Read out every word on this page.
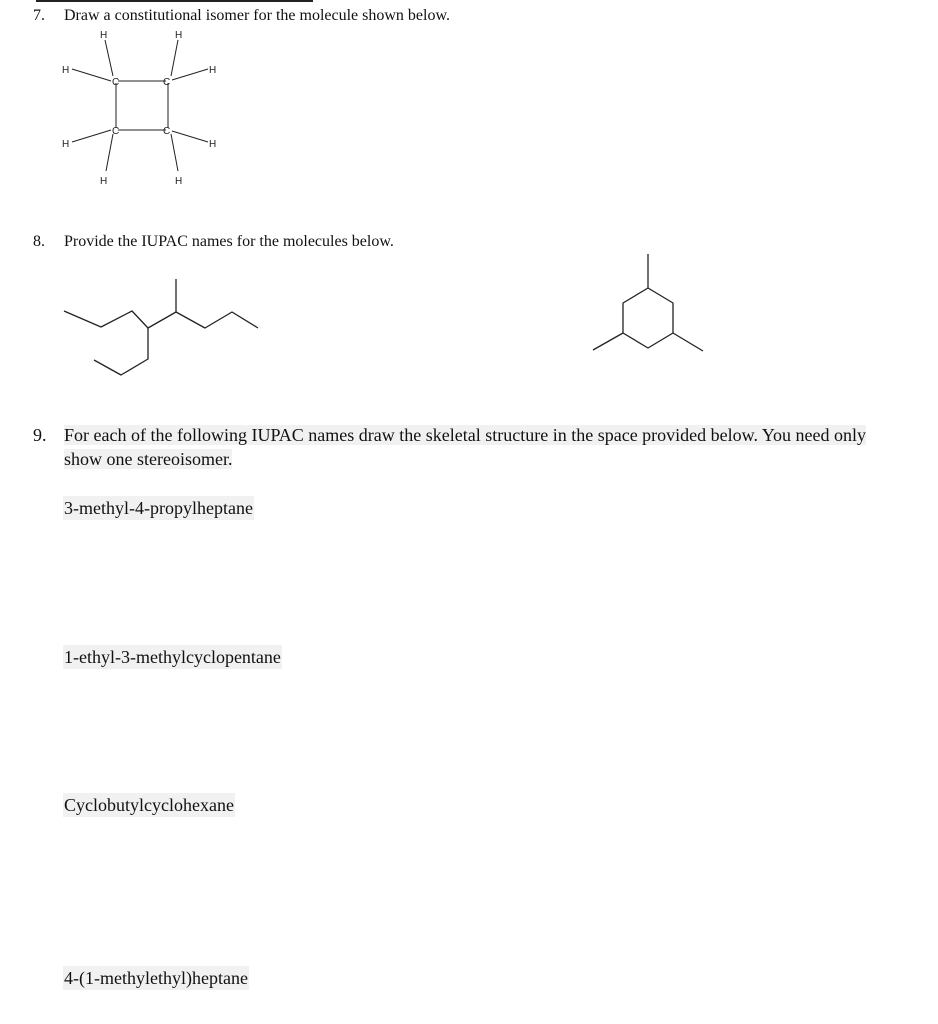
7. Draw a constitutional isomer for the molecule shown below.
H	H
H	H
H	H
H	H
C	C
C	C
8. Provide the IUPAC names for the molecules below.
9. For each of the following IUPAC names draw the skeletal structure in the space provided below. You need only show one stereoisomer.
3-methyl-4-propylheptane
1-ethyl-3-methylcyclopentane
Cyclobutylcyclohexane
4-(1-methylethyl)heptane
